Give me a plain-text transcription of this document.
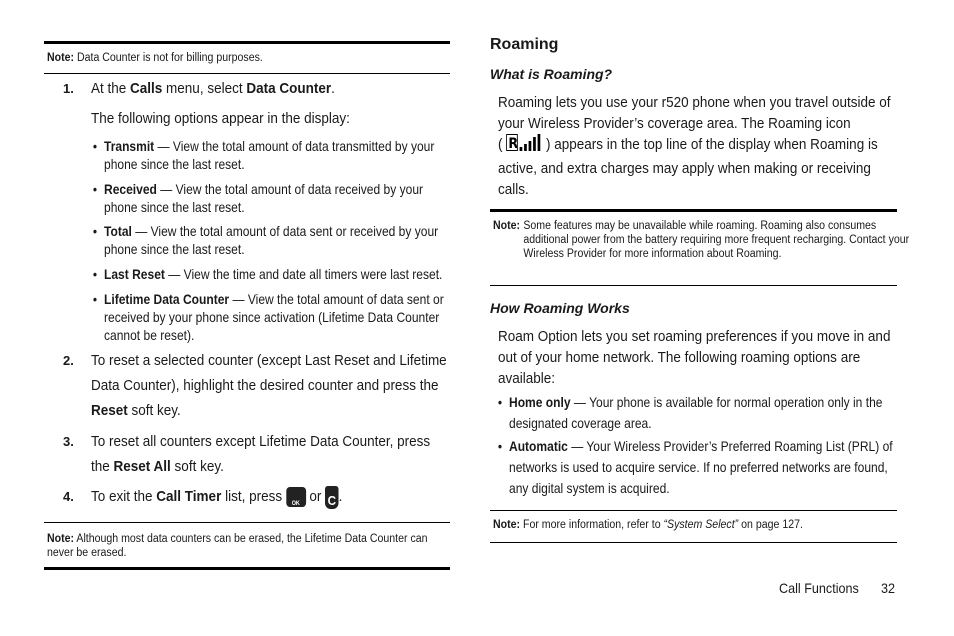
Note: Data Counter is not for billing purposes.
1. At the Calls menu, select Data Counter.
The following options appear in the display:
• Transmit — View the total amount of data transmitted by your phone since the last reset.
• Received — View the total amount of data received by your phone since the last reset.
• Total — View the total amount of data sent or received by your phone since the last reset.
• Last Reset — View the time and date all timers were last reset.
• Lifetime Data Counter — View the total amount of data sent or received by your phone since activation (Lifetime Data Counter cannot be reset).
2. To reset a selected counter (except Last Reset and Lifetime Data Counter), highlight the desired counter and press the Reset soft key.
3. To reset all counters except Lifetime Data Counter, press the Reset All soft key.
4. To exit the Call Timer list, press OK or C .
Note: Although most data counters can be erased, the Lifetime Data Counter can never be erased.
Roaming
What is Roaming?
Roaming lets you use your r520 phone when you travel outside of your Wireless Provider’s coverage area. The Roaming icon
( R ) appears in the top line of the display when Roaming is active, and extra charges may apply when making or receiving calls.
Note: Some features may be unavailable while roaming. Roaming also consumes additional power from the battery requiring more frequent recharging. Contact your Wireless Provider for more information about Roaming.
How Roaming Works
Roam Option lets you set roaming preferences if you move in and out of your home network. The following roaming options are available:
• Home only — Your phone is available for normal operation only in the designated coverage area.
• Automatic — Your Wireless Provider’s Preferred Roaming List (PRL) of networks is used to acquire service. If no preferred networks are found, any digital system is acquired.
Note: For more information, refer to “System Select” on page 127.
Call Functions 32
